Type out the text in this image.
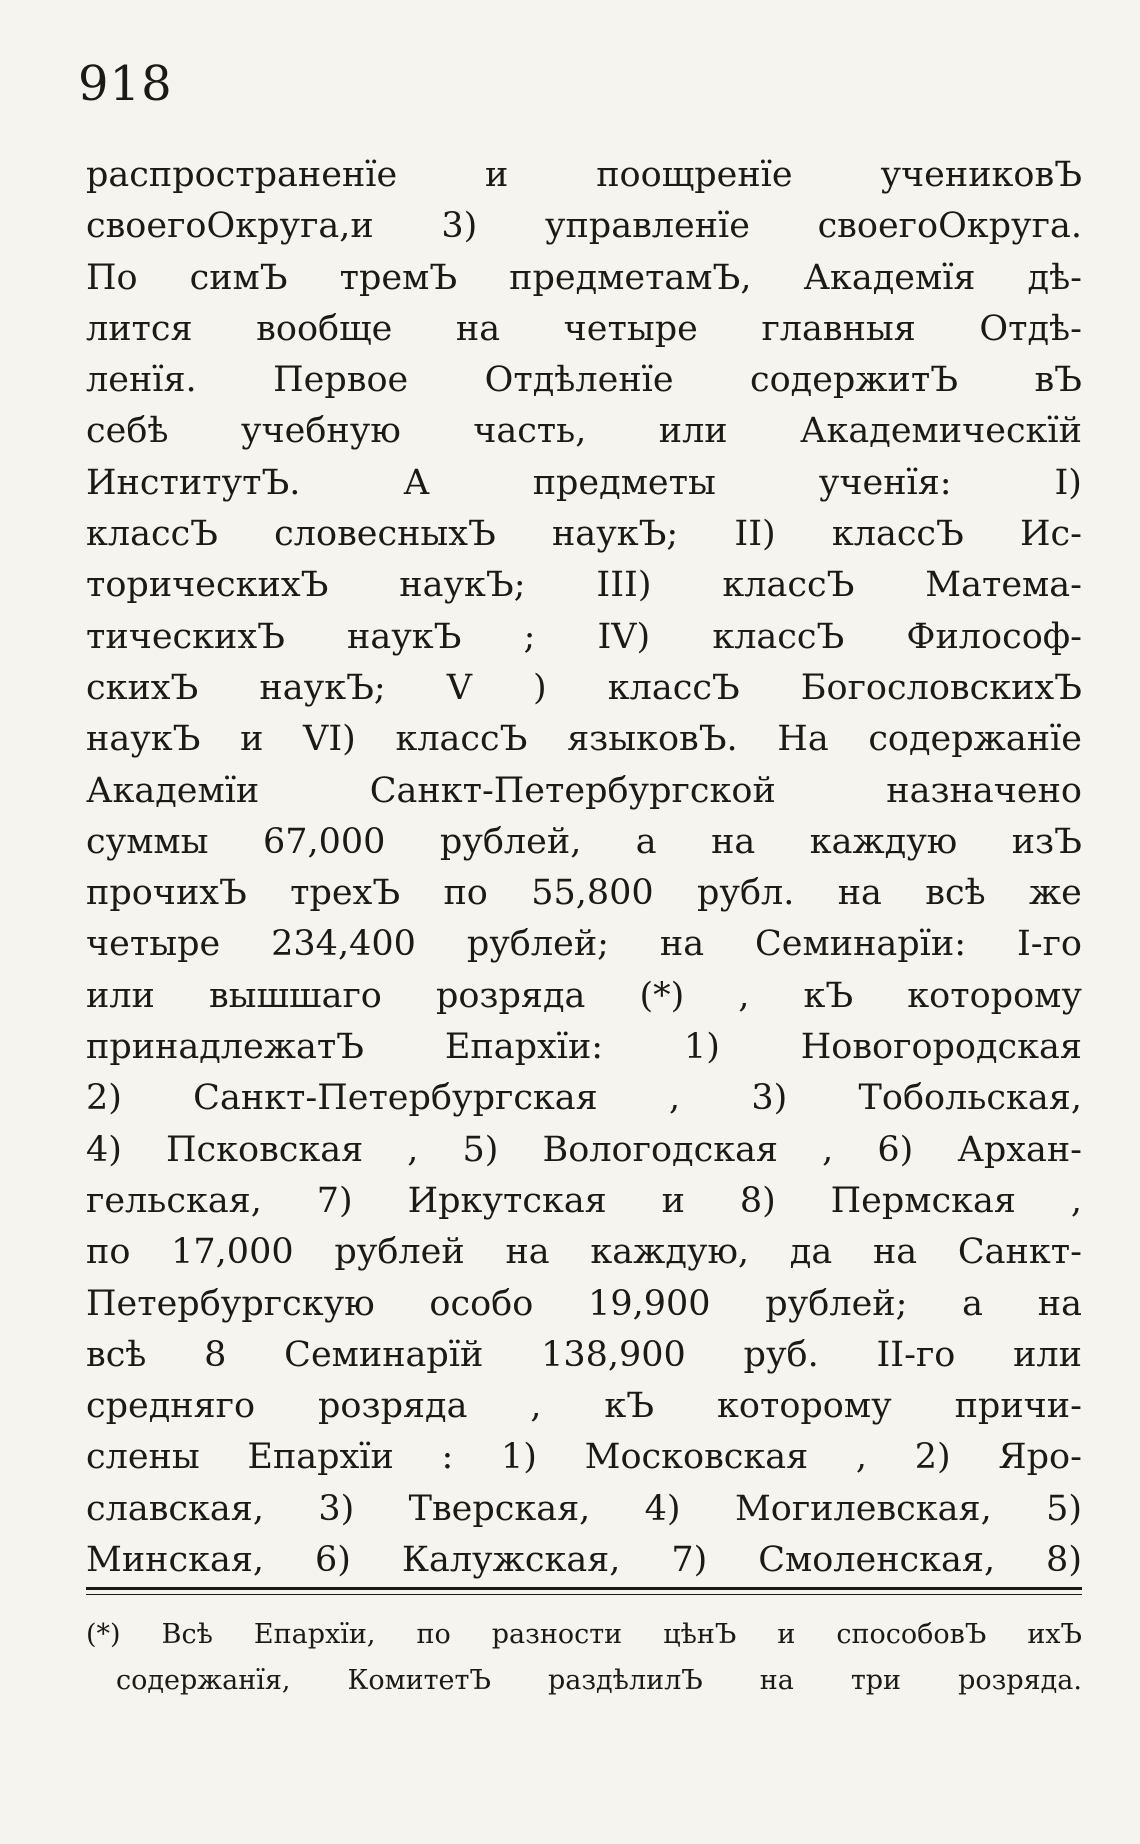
918
распространенїе	и	поощренїе	учениковЪ
своегоОкруга,и 3) управленїе своегоОкруга.
По симЪ тремЪ предметамЪ, Академїя дѣ-
лится вообще на четыре главныя Отдѣ-
ленїя. Первое Отдѣленїе содержитЪ вЪ
себѣ учебную часть, или Академическїй
ИнститутЪ.	А	предметы	ученїя:	I)
классЪ словесныхЪ наукЪ; II) классЪ Ис-
торическихЪ наукЪ; III) классЪ Матема-
тическихЪ наукЪ ; IV) классЪ Философ-
скихЪ наукЪ; V ) классЪ БогословскихЪ
наукЪ и VI) классЪ языковЪ. На содержанїе
Академїи	Санкт-Петербургской	назначено
суммы 67,000 рублей, а на каждую изЪ
прочихЪ трехЪ по 55,800 рубл. на всѣ же
четыре 234,400 рублей; на Семинарїи: I-го
или вышшаго розряда (*) , кЪ которому
принадлежатЪ Епархїи: 1) Новогородская
2) Санкт-Петербургская , 3) Тобольская,
4) Псковская , 5) Вологодская , 6) Архан-
гельская, 7) Иркутская и 8) Пермская ,
по 17,000 рублей на каждую, да на Санкт-
Петербургскую особо 19,900 рублей; а на
всѣ 8 Семинарїй 138,900 руб. II-го или
средняго розряда , кЪ которому причи-
слены Епархїи : 1) Московская , 2) Яро-
славская, 3) Тверская, 4) Могилевская, 5)
Минская, 6) Калужская, 7) Смоленская, 8)
(*) Всѣ Епархїи, по разности цѣнЪ и способовЪ ихЪ
содержанїя, КомитетЪ раздѣлилЪ на три розряда.
